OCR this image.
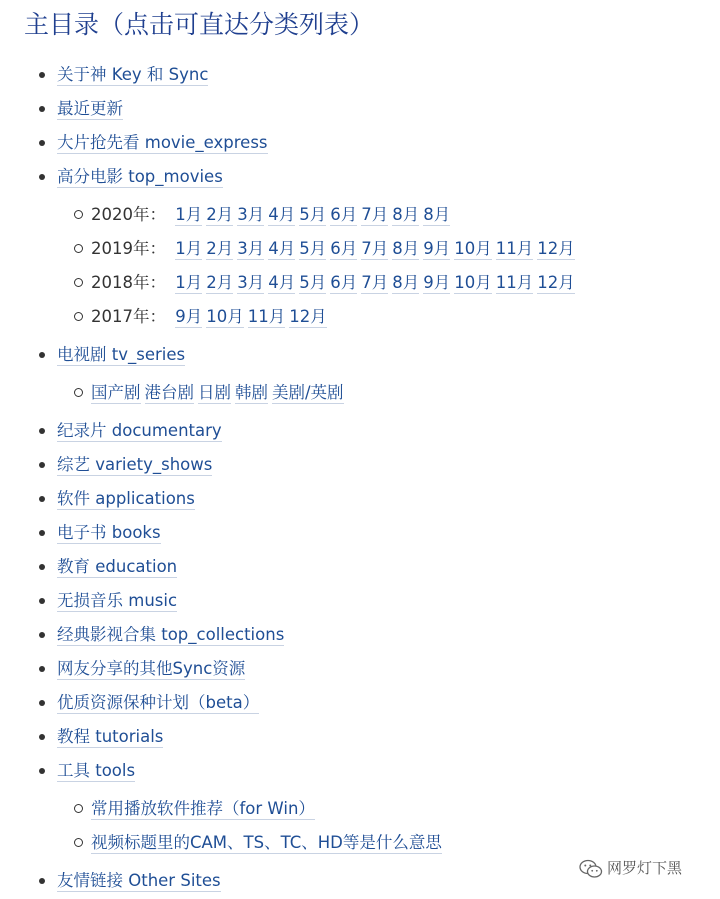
主目录（点击可直达分类列表）
关于神 Key 和 Sync
最近更新
大片抢先看 movie_express
高分电影 top_movies
2020年： 1月 2月 3月 4月 5月 6月 7月 8月 8月
2019年： 1月 2月 3月 4月 5月 6月 7月 8月 9月 10月 11月 12月
2018年： 1月 2月 3月 4月 5月 6月 7月 8月 9月 10月 11月 12月
2017年： 9月 10月 11月 12月
电视剧 tv_series
国产剧 港台剧 日剧 韩剧 美剧/英剧
纪录片 documentary
综艺 variety_shows
软件 applications
电子书 books
教育 education
无损音乐 music
经典影视合集 top_collections
网友分享的其他Sync资源
优质资源保种计划（beta）
教程 tutorials
工具 tools
常用播放软件推荐（for Win）
视频标题里的CAM、TS、TC、HD等是什么意思
友情链接 Other Sites
网罗灯下黑
